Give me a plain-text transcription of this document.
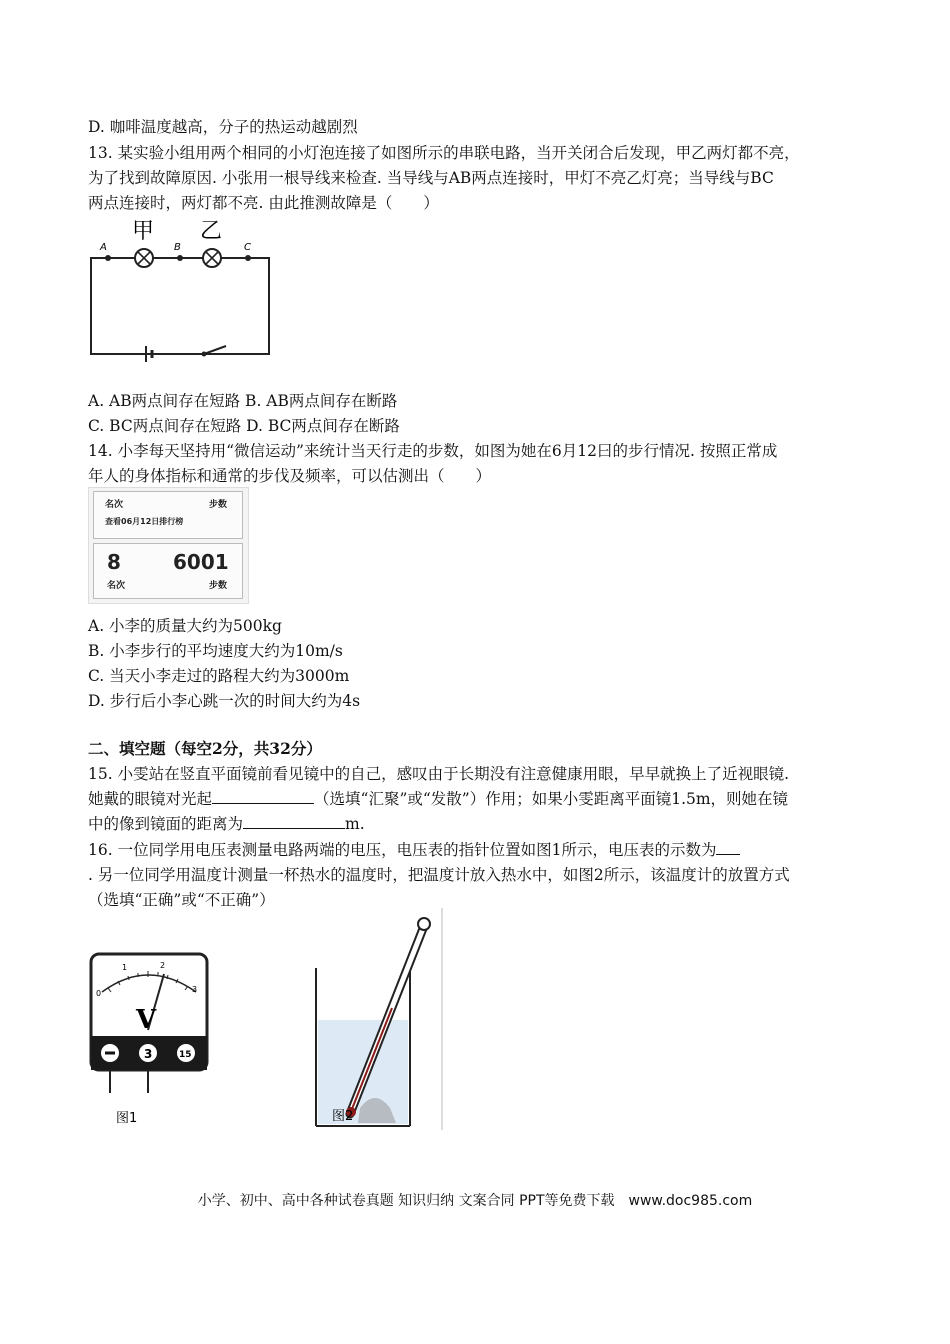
D. 咖啡温度越高，分子的热运动越剧烈
13. 某实验小组用两个相同的小灯泡连接了如图所示的串联电路，当开关闭合后发现，甲乙两灯都不亮，
为了找到故障原因. 小张用一根导线来检查. 当导线与AB两点连接时，甲灯不亮乙灯亮；当导线与BC
两点连接时，两灯都不亮. 由此推测故障是（　　）
A	B	C
甲 乙
A. AB两点间存在短路 B. AB两点间存在断路
C. BC两点间存在短路 D. BC两点间存在断路
14. 小李每天坚持用“微信运动”来统计当天行走的步数，如图为她在6月12曰的步行情况. 按照正常成
年人的身体指标和通常的步伐及频率，可以估测出（　　）
名次	步数
查看06月12日排行榜
8	6001
名次	步数
A. 小李的质量大约为500kg
B. 小李步行的平均速度大约为10m/s
C. 当天小李走过的路程大约为3000m
D. 步行后小李心跳一次的时间大约为4s
二、填空题（每空2分，共32分）
15. 小雯站在竖直平面镜前看见镜中的自己，感叹由于长期没有注意健康用眼，早早就换上了近视眼镜.
她戴的眼镜对光起	（选填“汇聚”或“发散”）作用；如果小雯距离平面镜1.5m，则她在镜
中的像到镜面的距离为	m.
16. 一位同学用电压表测量电路两端的电压，电压表的指针位置如图1所示，电压表的示数为
. 另一位同学用温度计测量一杯热水的温度时，把温度计放入热水中，如图2所示，该温度计的放置方式
（选填“正确”或“不正确”）
0
1	2
3
V
3	15
图1	图2
小学、初中、高中各种试卷真题 知识归纳 文案合同 PPT等免费下载　www.doc985.com
